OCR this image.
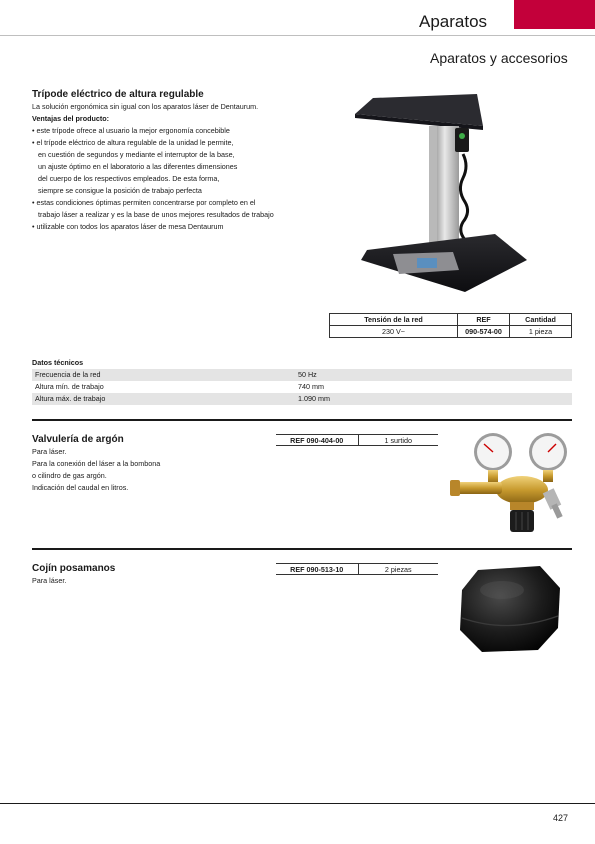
Aparatos
Aparatos y accesorios
Trípode eléctrico de altura regulable
La solución ergonómica sin igual con los aparatos láser de Dentaurum.
Ventajas del producto:
• este trípode ofrece al usuario la mejor ergonomía concebible
• el trípode eléctrico de altura regulable de la unidad le permite,
en cuestión de segundos y mediante el interruptor de la base,
un ajuste óptimo en el laboratorio a las diferentes dimensiones
del cuerpo de los respectivos empleados. De esta forma,
siempre se consigue la posición de trabajo perfecta
• estas condiciones óptimas permiten concentrarse por completo en el
trabajo láser a realizar y es la base de unos mejores resultados de trabajo
• utilizable con todos los aparatos láser de mesa Dentaurum
Tensión de la red	REF	Cantidad
230 V~	090-574-00	1 pieza
Datos técnicos
Frecuencia de la red	50 Hz
Altura mín. de trabajo	740 mm
Altura máx. de trabajo	1.090 mm
Valvulería de argón
Para láser.
Para la conexión del láser a la bombona
o cilindro de gas argón.
Indicación del caudal en litros.
REF 090-404-00	1 surtido
Cojín posamanos
Para láser.
REF 090-513-10	2 piezas
427
